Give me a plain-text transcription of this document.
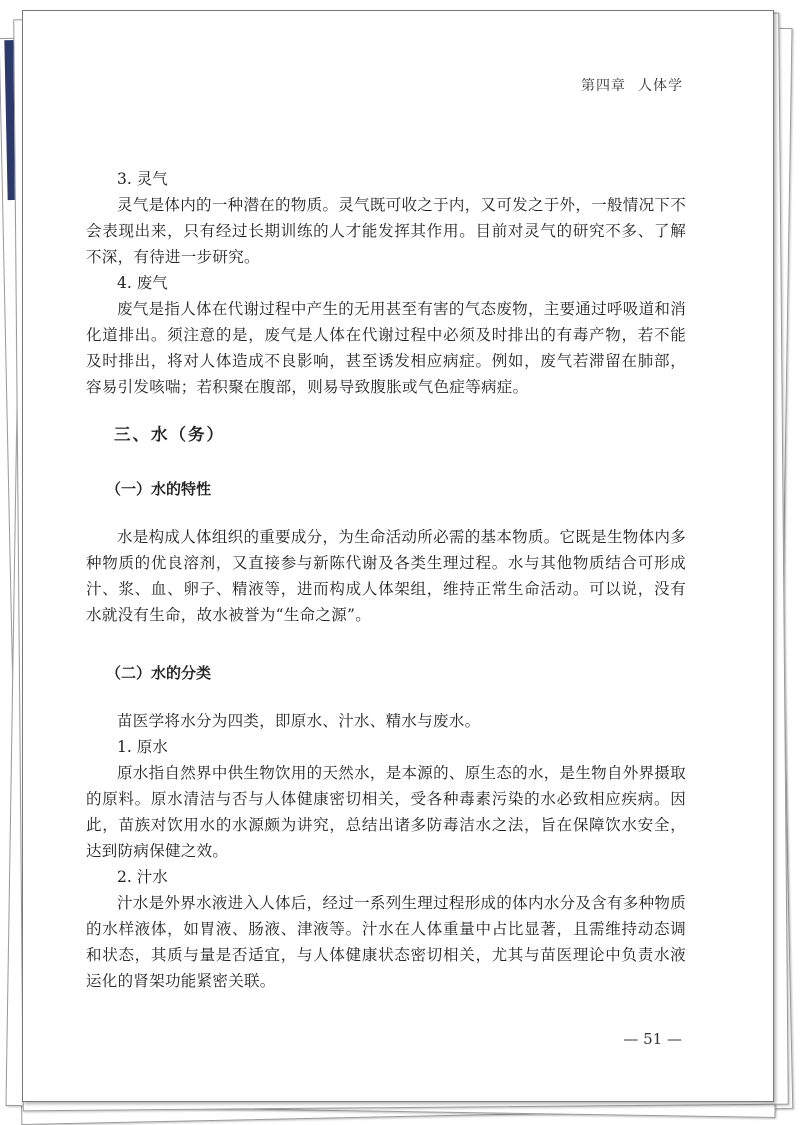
第四章 人体学

3. 灵气

灵气是体内的一种潜在的物质。灵气既可收之于内，又可发之于外，一般情况下不会表现出来，只有经过长期训练的人才能发挥其作用。目前对灵气的研究不多、了解不深，有待进一步研究。

4. 废气

废气是指人体在代谢过程中产生的无用甚至有害的气态废物，主要通过呼吸道和消化道排出。须注意的是，废气是人体在代谢过程中必须及时排出的有毒产物，若不能及时排出，将对人体造成不良影响，甚至诱发相应病症。例如，废气若滞留在肺部，容易引发咳喘；若积聚在腹部，则易导致腹胀或气色症等病症。

三、水（务）

（一）水的特性

水是构成人体组织的重要成分，为生命活动所必需的基本物质。它既是生物体内多种物质的优良溶剂，又直接参与新陈代谢及各类生理过程。水与其他物质结合可形成汁、浆、血、卵子、精液等，进而构成人体架组，维持正常生命活动。可以说，没有水就没有生命，故水被誉为“生命之源”。

（二）水的分类

苗医学将水分为四类，即原水、汁水、精水与废水。

1. 原水

原水指自然界中供生物饮用的天然水，是本源的、原生态的水，是生物自外界摄取的原料。原水清洁与否与人体健康密切相关，受各种毒素污染的水必致相应疾病。因此，苗族对饮用水的水源颇为讲究，总结出诸多防毒洁水之法，旨在保障饮水安全，达到防病保健之效。

2. 汁水

汁水是外界水液进入人体后，经过一系列生理过程形成的体内水分及含有多种物质的水样液体，如胃液、肠液、津液等。汁水在人体重量中占比显著，且需维持动态调和状态，其质与量是否适宜，与人体健康状态密切相关，尤其与苗医理论中负责水液运化的肾架功能紧密关联。

— 51 —
